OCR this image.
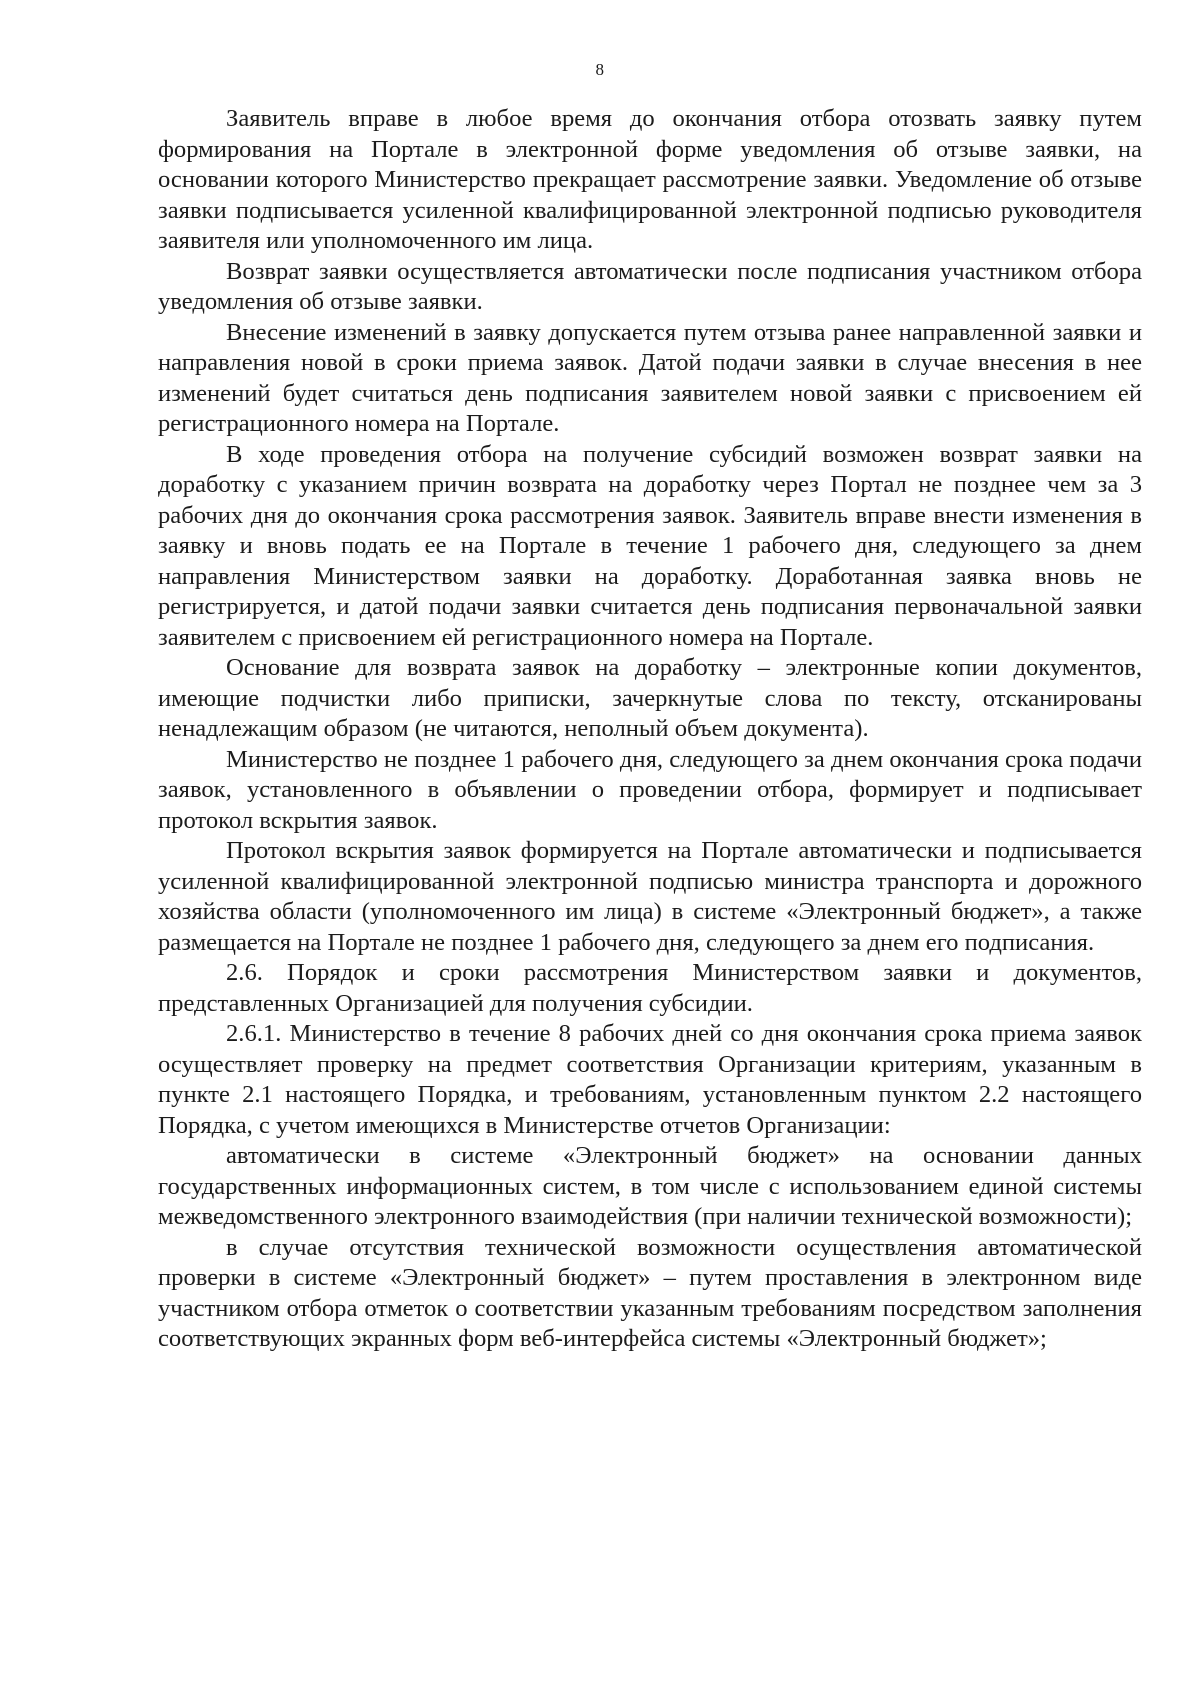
8

Заявитель вправе в любое время до окончания отбора отозвать заявку путем формирования на Портале в электронной форме уведомления об отзыве заявки, на основании которого Министерство прекращает рассмотрение заявки. Уведомление об отзыве заявки подписывается усиленной квалифицированной электронной подписью руководителя заявителя или уполномоченного им лица.

Возврат заявки осуществляется автоматически после подписания участником отбора уведомления об отзыве заявки.

Внесение изменений в заявку допускается путем отзыва ранее направленной заявки и направления новой в сроки приема заявок. Датой подачи заявки в случае внесения в нее изменений будет считаться день подписания заявителем новой заявки с присвоением ей регистрационного номера на Портале.

В ходе проведения отбора на получение субсидий возможен возврат заявки на доработку с указанием причин возврата на доработку через Портал не позднее чем за 3 рабочих дня до окончания срока рассмотрения заявок. Заявитель вправе внести изменения в заявку и вновь подать ее на Портале в течение 1 рабочего дня, следующего за днем направления Министерством заявки на доработку. Доработанная заявка вновь не регистрируется, и датой подачи заявки считается день подписания первоначальной заявки заявителем с присвоением ей регистрационного номера на Портале.

Основание для возврата заявок на доработку – электронные копии документов, имеющие подчистки либо приписки, зачеркнутые слова по тексту, отсканированы ненадлежащим образом (не читаются, неполный объем документа).

Министерство не позднее 1 рабочего дня, следующего за днем окончания срока подачи заявок, установленного в объявлении о проведении отбора, формирует и подписывает протокол вскрытия заявок.

Протокол вскрытия заявок формируется на Портале автоматически и подписывается усиленной квалифицированной электронной подписью министра транспорта и дорожного хозяйства области (уполномоченного им лица) в системе «Электронный бюджет», а также размещается на Портале не позднее 1 рабочего дня, следующего за днем его подписания.

2.6. Порядок и сроки рассмотрения Министерством заявки и документов, представленных Организацией для получения субсидии.

2.6.1. Министерство в течение 8 рабочих дней со дня окончания срока приема заявок осуществляет проверку на предмет соответствия Организации критериям, указанным в пункте 2.1 настоящего Порядка, и требованиям, установленным пунктом 2.2 настоящего Порядка, с учетом имеющихся в Министерстве отчетов Организации:

автоматически в системе «Электронный бюджет» на основании данных государственных информационных систем, в том числе с использованием единой системы межведомственного электронного взаимодействия (при наличии технической возможности);

в случае отсутствия технической возможности осуществления автоматической проверки в системе «Электронный бюджет» – путем проставления в электронном виде участником отбора отметок о соответствии указанным требованиям посредством заполнения соответствующих экранных форм веб-интерфейса системы «Электронный бюджет»;
